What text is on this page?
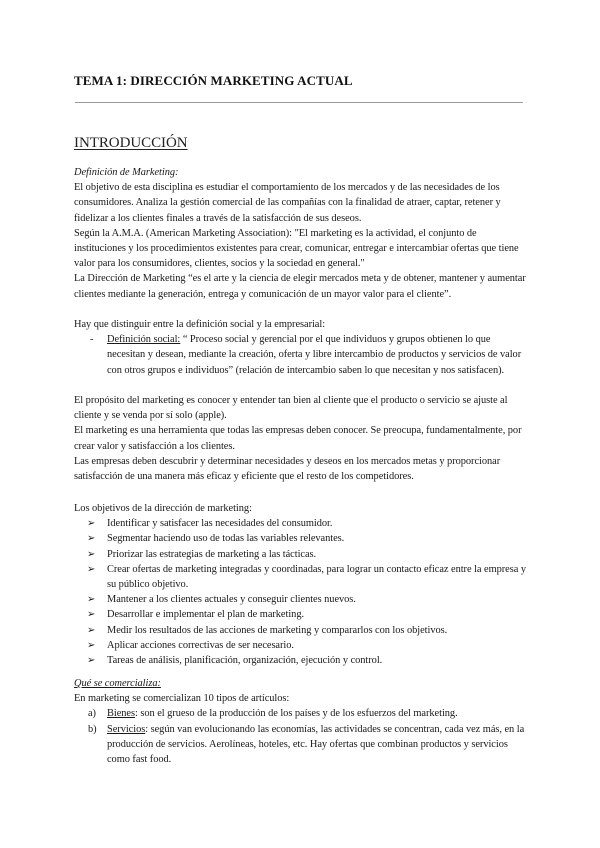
TEMA 1: DIRECCIÓN MARKETING ACTUAL
INTRODUCCIÓN

Definición de Marketing:

El objetivo de esta disciplina es estudiar el comportamiento de los mercados y de las necesidades de los consumidores. Analiza la gestión comercial de las compañías con la finalidad de atraer, captar, retener y fidelizar a los clientes finales a través de la satisfacción de sus deseos.

Según la A.M.A. (American Marketing Association): "El marketing es la actividad, el conjunto de instituciones y los procedimientos existentes para crear, comunicar, entregar e intercambiar ofertas que tiene valor para los consumidores, clientes, socios y la sociedad en general."

La Dirección de Marketing “es el arte y la ciencia de elegir mercados meta y de obtener, mantener y aumentar clientes mediante la generación, entrega y comunicación de un mayor valor para el cliente”.

Hay que distinguir entre la definición social y la empresarial:

- Definición social: “ Proceso social y gerencial por el que individuos y grupos obtienen lo que necesitan y desean, mediante la creación, oferta y libre intercambio de productos y servicios de valor con otros grupos e individuos” (relación de intercambio saben lo que necesitan y nos satisfacen).

El propósito del marketing es conocer y entender tan bien al cliente que el producto o servicio se ajuste al cliente y se venda por sí solo (apple).

El marketing es una herramienta que todas las empresas deben conocer. Se preocupa, fundamentalmente, por crear valor y satisfacción a los clientes.

Las empresas deben descubrir y determinar necesidades y deseos en los mercados metas y proporcionar satisfacción de una manera más eficaz y eficiente que el resto de los competidores.

Los objetivos de la dirección de marketing:

➢ Identificar y satisfacer las necesidades del consumidor.
➢ Segmentar haciendo uso de todas las variables relevantes.
➢ Priorizar las estrategias de marketing a las tácticas.
➢ Crear ofertas de marketing integradas y coordinadas, para lograr un contacto eficaz entre la empresa y su público objetivo.
➢ Mantener a los clientes actuales y conseguir clientes nuevos.
➢ Desarrollar e implementar el plan de marketing.
➢ Medir los resultados de las acciones de marketing y compararlos con los objetivos.
➢ Aplicar acciones correctivas de ser necesario.
➢ Tareas de análisis, planificación, organización, ejecución y control.

Qué se comercializa:

En marketing se comercializan 10 tipos de artículos:

a) Bienes: son el grueso de la producción de los países y de los esfuerzos del marketing.
b) Servicios: según van evolucionando las economías, las actividades se concentran, cada vez más, en la producción de servicios. Aerolíneas, hoteles, etc. Hay ofertas que combinan productos y servicios como fast food.
